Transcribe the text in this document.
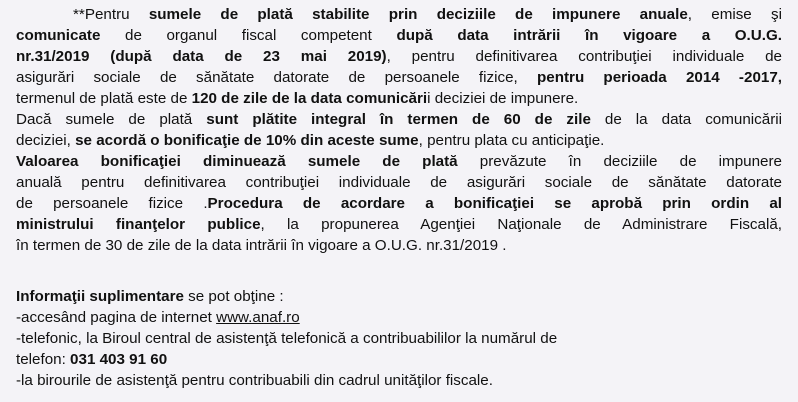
**Pentru sumele de plată stabilite prin deciziile de impunere anuale, emise şi
comunicate de organul fiscal competent după data intrării în vigoare a O.U.G.
nr.31/2019 (după data de 23 mai 2019), pentru definitivarea contribuţiei individuale de
asigurări sociale de sănătate datorate de persoanele fizice, pentru perioada 2014 -2017,
termenul de plată este de 120 de zile de la data comunicării deciziei de impunere.
Dacă sumele de plată sunt plătite integral în termen de 60 de zile de la data comunicării
deciziei, se acordă o bonificaţie de 10% din aceste sume, pentru plata cu anticipaţie.
Valoarea bonificaţiei diminuează sumele de plată prevăzute în deciziile de impunere
anuală pentru definitivarea contribuţiei individuale de asigurări sociale de sănătate datorate
de persoanele fizice .Procedura de acordare a bonificaţiei se aprobă prin ordin al
ministrului finanţelor publice, la propunerea Agenţiei Naţionale de Administrare Fiscală,
în termen de 30 de zile de la data intrării în vigoare a O.U.G. nr.31/2019 .
Informaţii suplimentare se pot obţine :
-accesând pagina de internet www.anaf.ro
-telefonic, la Biroul central de asistenţă telefonică a contribuabililor la numărul de
telefon: 031 403 91 60
-la birourile de asistenţă pentru contribuabili din cadrul unităţilor fiscale.
